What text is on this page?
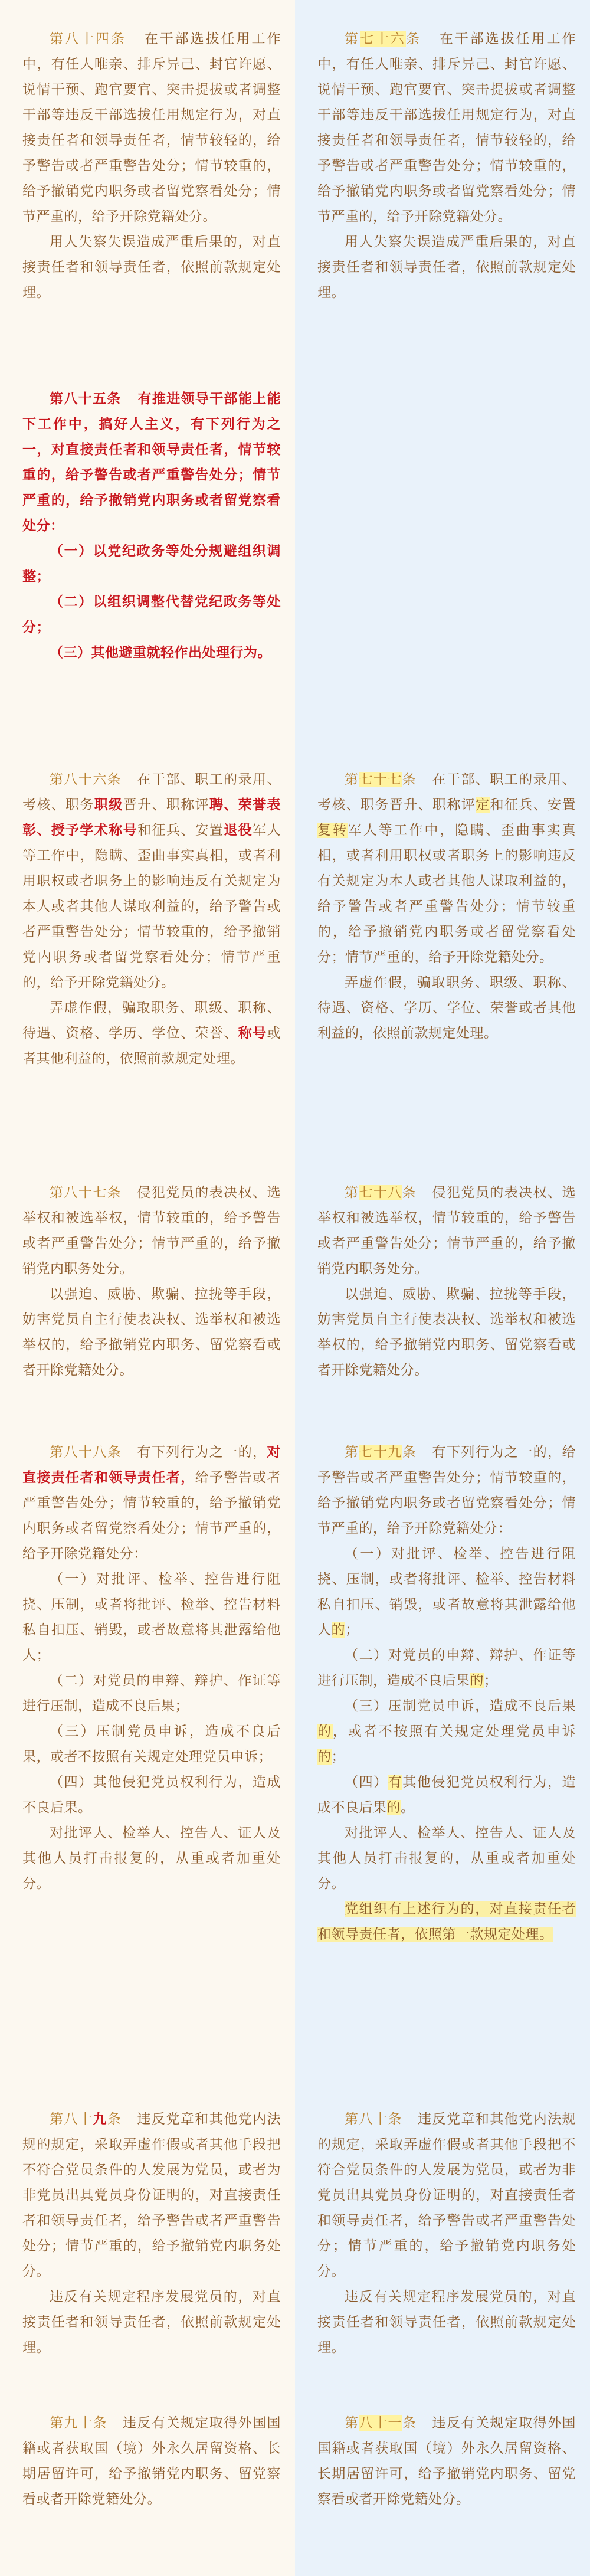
第八十四条 在干部选拔任用工作中，有任人唯亲、排斥异己、封官许愿、说情干预、跑官要官、突击提拔或者调整干部等违反干部选拔任用规定行为，对直接责任者和领导责任者，情节较轻的，给予警告或者严重警告处分；情节较重的，给予撤销党内职务或者留党察看处分；情节严重的，给予开除党籍处分。

用人失察失误造成严重后果的，对直接责任者和领导责任者，依照前款规定处理。

第八十五条 有推进领导干部能上能下工作中，搞好人主义，有下列行为之一，对直接责任者和领导责任者，情节较重的，给予警告或者严重警告处分；情节严重的，给予撤销党内职务或者留党察看处分：

（一）以党纪政务等处分规避组织调整；

（二）以组织调整代替党纪政务等处分；

（三）其他避重就轻作出处理行为。

第八十六条 在干部、职工的录用、考核、职务职级晋升、职称评聘、荣誉表彰、授予学术称号和征兵、安置退役军人等工作中，隐瞒、歪曲事实真相，或者利用职权或者职务上的影响违反有关规定为本人或者其他人谋取利益的，给予警告或者严重警告处分；情节较重的，给予撤销党内职务或者留党察看处分；情节严重的，给予开除党籍处分。

弄虚作假，骗取职务、职级、职称、待遇、资格、学历、学位、荣誉、称号或者其他利益的，依照前款规定处理。

第八十七条 侵犯党员的表决权、选举权和被选举权，情节较重的，给予警告或者严重警告处分；情节严重的，给予撤销党内职务处分。

以强迫、威胁、欺骗、拉拢等手段，妨害党员自主行使表决权、选举权和被选举权的，给予撤销党内职务、留党察看或者开除党籍处分。

第八十八条 有下列行为之一的，对直接责任者和领导责任者，给予警告或者严重警告处分；情节较重的，给予撤销党内职务或者留党察看处分；情节严重的，给予开除党籍处分：

（一）对批评、检举、控告进行阻挠、压制，或者将批评、检举、控告材料私自扣压、销毁，或者故意将其泄露给他人；

（二）对党员的申辩、辩护、作证等进行压制，造成不良后果；

（三）压制党员申诉，造成不良后果，或者不按照有关规定处理党员申诉；

（四）其他侵犯党员权利行为，造成不良后果。

对批评人、检举人、控告人、证人及其他人员打击报复的，从重或者加重处分。

第八十九条 违反党章和其他党内法规的规定，采取弄虚作假或者其他手段把不符合党员条件的人发展为党员，或者为非党员出具党员身份证明的，对直接责任者和领导责任者，给予警告或者严重警告处分；情节严重的，给予撤销党内职务处分。

违反有关规定程序发展党员的，对直接责任者和领导责任者，依照前款规定处理。

第九十条 违反有关规定取得外国国籍或者获取国（境）外永久居留资格、长期居留许可，给予撤销党内职务、留党察看或者开除党籍处分。

第七十六条 在干部选拔任用工作中，有任人唯亲、排斥异己、封官许愿、说情干预、跑官要官、突击提拔或者调整干部等违反干部选拔任用规定行为，对直接责任者和领导责任者，情节较轻的，给予警告或者严重警告处分；情节较重的，给予撤销党内职务或者留党察看处分；情节严重的，给予开除党籍处分。

用人失察失误造成严重后果的，对直接责任者和领导责任者，依照前款规定处理。

第七十七条 在干部、职工的录用、考核、职务晋升、职称评定和征兵、安置复转军人等工作中，隐瞒、歪曲事实真相，或者利用职权或者职务上的影响违反有关规定为本人或者其他人谋取利益的，给予警告或者严重警告处分；情节较重的，给予撤销党内职务或者留党察看处分；情节严重的，给予开除党籍处分。

弄虚作假，骗取职务、职级、职称、待遇、资格、学历、学位、荣誉或者其他利益的，依照前款规定处理。

第七十八条 侵犯党员的表决权、选举权和被选举权，情节较重的，给予警告或者严重警告处分；情节严重的，给予撤销党内职务处分。

以强迫、威胁、欺骗、拉拢等手段，妨害党员自主行使表决权、选举权和被选举权的，给予撤销党内职务、留党察看或者开除党籍处分。

第七十九条 有下列行为之一的，给予警告或者严重警告处分；情节较重的，给予撤销党内职务或者留党察看处分；情节严重的，给予开除党籍处分：

（一）对批评、检举、控告进行阻挠、压制，或者将批评、检举、控告材料私自扣压、销毁，或者故意将其泄露给他人的；

（二）对党员的申辩、辩护、作证等进行压制，造成不良后果的；

（三）压制党员申诉，造成不良后果的，或者不按照有关规定处理党员申诉的；

（四）有其他侵犯党员权利行为，造成不良后果的。

对批评人、检举人、控告人、证人及其他人员打击报复的，从重或者加重处分。

党组织有上述行为的，对直接责任者和领导责任者，依照第一款规定处理。

第八十条 违反党章和其他党内法规的规定，采取弄虚作假或者其他手段把不符合党员条件的人发展为党员，或者为非党员出具党员身份证明的，对直接责任者和领导责任者，给予警告或者严重警告处分；情节严重的，给予撤销党内职务处分。

违反有关规定程序发展党员的，对直接责任者和领导责任者，依照前款规定处理。

第八十一条 违反有关规定取得外国国籍或者获取国（境）外永久居留资格、长期居留许可，给予撤销党内职务、留党察看或者开除党籍处分。
